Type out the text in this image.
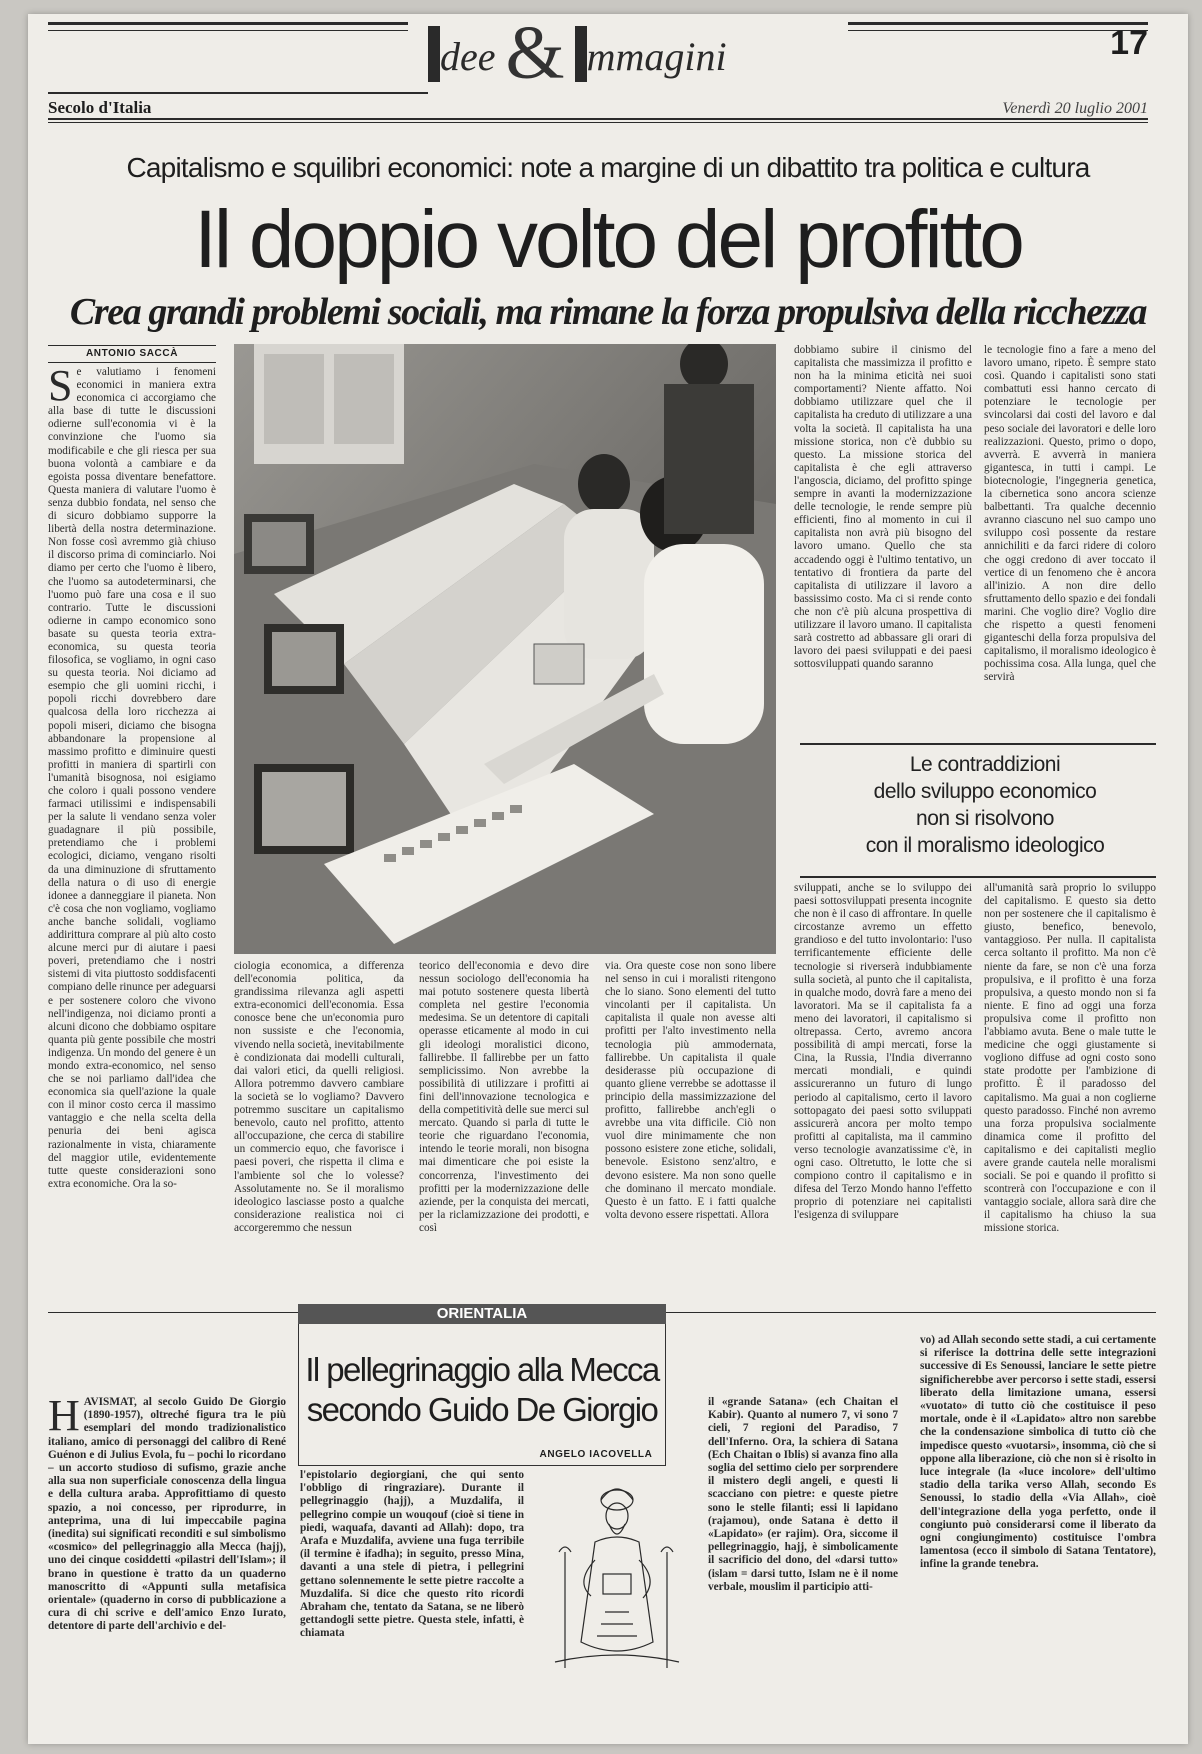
dee & mmagini	17
Secolo d'Italia	Venerdì 20 luglio 2001
Capitalismo e squilibri economici: note a margine di un dibattito tra politica e cultura
Il doppio volto del profitto
Crea grandi problemi sociali, ma rimane la forza propulsiva della ricchezza
ANTONIO SACCÀ
Se valutiamo i fenomeni economici in maniera extra economica ci accorgiamo che alla base di tutte le discussioni odierne sull'economia vi è la convinzione che l'uomo sia modificabile e che gli riesca per sua buona volontà a cambiare e da egoista possa diventare benefattore. Questa maniera di valutare l'uomo è senza dubbio fondata, nel senso che di sicuro dobbiamo supporre la libertà della nostra determinazione. Non fosse così avremmo già chiuso il discorso prima di cominciarlo. Noi diamo per certo che l'uomo è libero, che l'uomo sa autodeterminarsi, che l'uomo può fare una cosa e il suo contrario. Tutte le discussioni odierne in campo economico sono basate su questa teoria extra-economica, su questa teoria filosofica, se vogliamo, in ogni caso su questa teoria. Noi diciamo ad esempio che gli uomini ricchi, i popoli ricchi dovrebbero dare qualcosa della loro ricchezza ai popoli miseri, diciamo che bisogna abbandonare la propensione al massimo profitto e diminuire questi profitti in maniera di spartirli con l'umanità bisognosa, noi esigiamo che coloro i quali possono vendere farmaci utilissimi e indispensabili per la salute li vendano senza voler guadagnare il più possibile, pretendiamo che i problemi ecologici, diciamo, vengano risolti da una diminuzione di sfruttamento della natura o di uso di energie idonee a danneggiare il pianeta. Non c'è cosa che non vogliamo, vogliamo anche banche solidali, vogliamo addirittura comprare al più alto costo alcune merci pur di aiutare i paesi poveri, pretendiamo che i nostri sistemi di vita piuttosto soddisfacenti compiano delle rinunce per adeguarsi e per sostenere coloro che vivono nell'indigenza, noi diciamo pronti a alcuni dicono che dobbiamo ospitare quanta più gente possibile che mostri indigenza. Un mondo del genere è un mondo extra-economico, nel senso che se noi parliamo dall'idea che economica sia quell'azione la quale con il minor costo cerca il massimo vantaggio e che nella scelta della penuria dei beni agisca razionalmente in vista, chiaramente del maggior utile, evidentemente tutte queste considerazioni sono extra economiche. Ora la so-
ciologia economica, a differenza dell'economia politica, da grandissima rilevanza agli aspetti extra-economici dell'economia. Essa conosce bene che un'economia puro non sussiste e che l'economia, vivendo nella società, inevitabilmente è condizionata dai modelli culturali, dai valori etici, da quelli religiosi. Allora potremmo davvero cambiare la società se lo vogliamo? Davvero potremmo suscitare un capitalismo benevolo, cauto nel profitto, attento all'occupazione, che cerca di stabilire un commercio equo, che favorisce i paesi poveri, che rispetta il clima e l'ambiente sol che lo volesse? Assolutamente no. Se il moralismo ideologico lasciasse posto a qualche considerazione realistica noi ci accorgeremmo che nessun
teorico dell'economia e devo dire nessun sociologo dell'economia ha mai potuto sostenere questa libertà completa nel gestire l'economia medesima. Se un detentore di capitali operasse eticamente al modo in cui gli ideologi moralistici dicono, fallirebbe. Il fallirebbe per un fatto semplicissimo. Non avrebbe la possibilità di utilizzare i profitti ai fini dell'innovazione tecnologica e della competitività delle sue merci sul mercato. Quando si parla di tutte le teorie che riguardano l'economia, intendo le teorie morali, non bisogna mai dimenticare che poi esiste la concorrenza, l'investimento dei profitti per la modernizzazione delle aziende, per la conquista dei mercati, per la riclamizzazione dei prodotti, e così
via. Ora queste cose non sono libere nel senso in cui i moralisti ritengono che lo siano. Sono elementi del tutto vincolanti per il capitalista. Un capitalista il quale non avesse alti profitti per l'alto investimento nella tecnologia più ammodernata, fallirebbe. Un capitalista il quale desiderasse più occupazione di quanto gliene verrebbe se adottasse il principio della massimizzazione del profitto, fallirebbe anch'egli o avrebbe una vita difficile. Ciò non vuol dire minimamente che non possono esistere zone etiche, solidali, benevole. Esistono senz'altro, e devono esistere. Ma non sono quelle che dominano il mercato mondiale. Questo è un fatto. E i fatti qualche volta devono essere rispettati. Allora
dobbiamo subire il cinismo del capitalista che massimizza il profitto e non ha la minima eticità nei suoi comportamenti? Niente affatto. Noi dobbiamo utilizzare quel che il capitalista ha creduto di utilizzare a una volta la società. Il capitalista ha una missione storica, non c'è dubbio su questo. La missione storica del capitalista è che egli attraverso l'angoscia, diciamo, del profitto spinge sempre in avanti la modernizzazione delle tecnologie, le rende sempre più efficienti, fino al momento in cui il capitalista non avrà più bisogno del lavoro umano. Quello che sta accadendo oggi è l'ultimo tentativo, un tentativo di frontiera da parte del capitalista di utilizzare il lavoro a bassissimo costo. Ma ci si rende conto che non c'è più alcuna prospettiva di utilizzare il lavoro umano. Il capitalista sarà costretto ad abbassare gli orari di lavoro dei paesi sviluppati e dei paesi sottosviluppati quando saranno
le tecnologie fino a fare a meno del lavoro umano, ripeto. È sempre stato così. Quando i capitalisti sono stati combattuti essi hanno cercato di potenziare le tecnologie per svincolarsi dai costi del lavoro e dal peso sociale dei lavoratori e delle loro realizzazioni. Questo, primo o dopo, avverrà. E avverrà in maniera gigantesca, in tutti i campi. Le biotecnologie, l'ingegneria genetica, la cibernetica sono ancora scienze balbettanti. Tra qualche decennio avranno ciascuno nel suo campo uno sviluppo così possente da restare annichiliti e da farci ridere di coloro che oggi credono di aver toccato il vertice di un fenomeno che è ancora all'inizio. A non dire dello sfruttamento dello spazio e dei fondali marini. Che voglio dire? Voglio dire che rispetto a questi fenomeni giganteschi della forza propulsiva del capitalismo, il moralismo ideologico è pochissima cosa. Alla lunga, quel che servirà
Le contraddizioni
dello sviluppo economico
non si risolvono
con il moralismo ideologico
sviluppati, anche se lo sviluppo dei paesi sottosviluppati presenta incognite che non è il caso di affrontare. In quelle circostanze avremo un effetto grandioso e del tutto involontario: l'uso terrificantemente efficiente delle tecnologie si riverserà indubbiamente sulla società, al punto che il capitalista, in qualche modo, dovrà fare a meno dei lavoratori. Ma se il capitalista fa a meno dei lavoratori, il capitalismo si oltrepassa. Certo, avremo ancora possibilità di ampi mercati, forse la Cina, la Russia, l'India diverranno mercati mondiali, e quindi assicureranno un futuro di lungo periodo al capitalismo, certo il lavoro sottopagato dei paesi sotto sviluppati assicurerà ancora per molto tempo profitti al capitalista, ma il cammino verso tecnologie avanzatissime c'è, in ogni caso. Oltretutto, le lotte che si compiono contro il capitalismo e in difesa del Terzo Mondo hanno l'effetto proprio di potenziare nei capitalisti l'esigenza di sviluppare
all'umanità sarà proprio lo sviluppo del capitalismo. E questo sia detto non per sostenere che il capitalismo è giusto, benefico, benevolo, vantaggioso. Per nulla. Il capitalista cerca soltanto il profitto. Ma non c'è niente da fare, se non c'è una forza propulsiva, e il profitto è una forza propulsiva, a questo mondo non si fa niente. E fino ad oggi una forza propulsiva come il profitto non l'abbiamo avuta. Bene o male tutte le medicine che oggi giustamente si vogliono diffuse ad ogni costo sono state prodotte per l'ambizione di profitto. È il paradosso del capitalismo. Ma guai a non coglierne questo paradosso. Finché non avremo una forza propulsiva socialmente dinamica come il profitto del capitalismo e dei capitalisti meglio avere grande cautela nelle moralismi sociali. Se poi e quando il profitto si scontrerà con l'occupazione e con il vantaggio sociale, allora sarà dire che il capitalismo ha chiuso la sua missione storica.
ORIENTALIA
Il pellegrinaggio alla Mecca secondo Guido De Giorgio
ANGELO IACOVELLA
HAVISMAT, al secolo Guido De Giorgio (1890-1957), oltreché figura tra le più esemplari del mondo tradizionalistico italiano, amico di personaggi del calibro di René Guénon e di Julius Evola, fu – pochi lo ricordano – un accorto studioso di sufismo, grazie anche alla sua non superficiale conoscenza della lingua e della cultura araba. Approfittiamo di questo spazio, a noi concesso, per riprodurre, in anteprima, una di lui impeccabile pagina (inedita) sui significati reconditi e sul simbolismo «cosmico» del pellegrinaggio alla Mecca (hajj), uno dei cinque cosiddetti «pilastri dell'Islam»; il brano in questione è tratto da un quaderno manoscritto di «Appunti sulla metafisica orientale» (quaderno in corso di pubblicazione a cura di chi scrive e dell'amico Enzo Iurato, detentore di parte dell'archivio e del-
l'epistolario degiorgiani, che qui sento l'obbligo di ringraziare). Durante il pellegrinaggio (hajj), a Muzdalifa, il pellegrino compie un wouqouf (cioè si tiene in piedi, waquafa, davanti ad Allah): dopo, tra Arafa e Muzdalifa, avviene una fuga terribile (il termine è ifadha); in seguito, presso Mina, davanti a una stele di pietra, i pellegrini gettano solennemente le sette pietre raccolte a Muzdalifa. Si dice che questo rito ricordi Abraham che, tentato da Satana, se ne liberò gettandogli sette pietre. Questa stele, infatti, è chiamata
il «grande Satana» (ech Chaitan el Kabir). Quanto al numero 7, vi sono 7 cieli, 7 regioni del Paradiso, 7 dell'Inferno. Ora, la schiera di Satana (Ech Chaitan o Iblis) si avanza fino alla soglia del settimo cielo per sorprendere il mistero degli angeli, e questi li scacciano con pietre: e queste pietre sono le stelle filanti; essi li lapidano (rajamou), onde Satana è detto il «Lapidato» (er rajim). Ora, siccome il pellegrinaggio, hajj, è simbolicamente il sacrificio del dono, del «darsi tutto» (islam = darsi tutto, Islam ne è il nome verbale, mouslim il participio atti-
vo) ad Allah secondo sette stadi, a cui certamente si riferisce la dottrina delle sette integrazioni successive di Es Senoussi, lanciare le sette pietre significherebbe aver percorso i sette stadi, essersi liberato della limitazione umana, essersi «vuotato» di tutto ciò che costituisce il peso mortale, onde è il «Lapidato» altro non sarebbe che la condensazione simbolica di tutto ciò che impedisce questo «vuotarsi», insomma, ciò che si oppone alla liberazione, ciò che non si è risolto in luce integrale (la «luce incolore» dell'ultimo stadio della tarika verso Allah, secondo Es Senoussi, lo stadio della «Via Allah», cioè dell'integrazione della yoga perfetto, onde il congiunto può considerarsi come il liberato da ogni congiungimento) costituisce l'ombra lamentosa (ecco il simbolo di Satana Tentatore), infine la grande tenebra.
